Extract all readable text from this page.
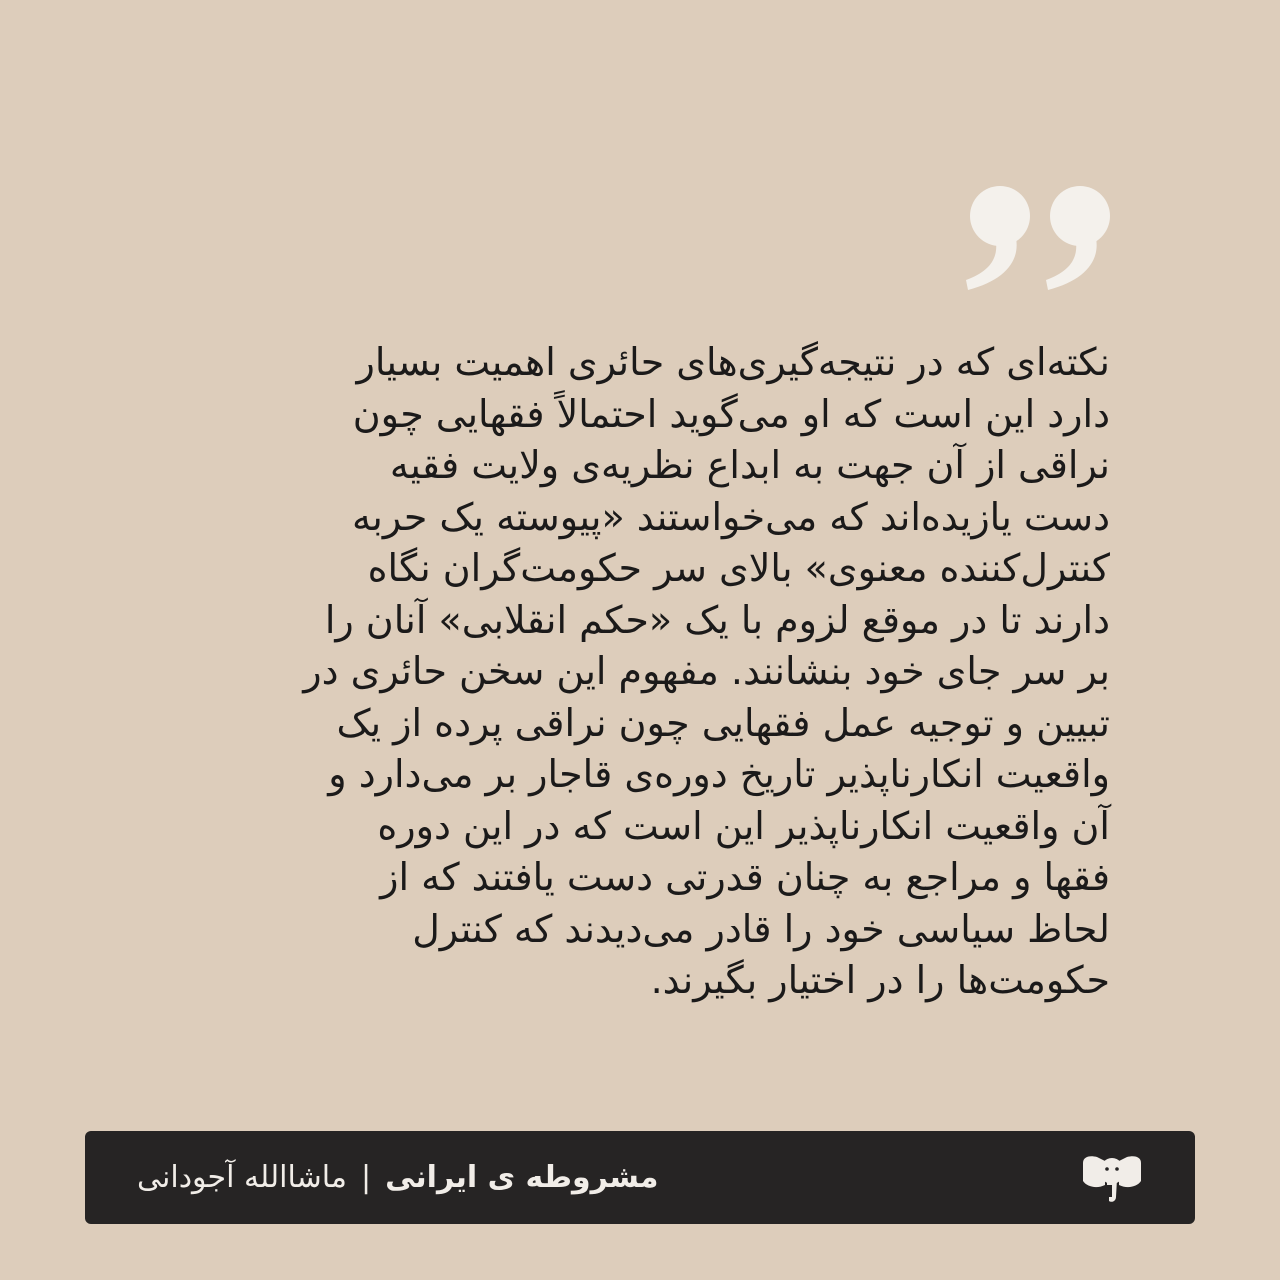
نکته‌ای که در نتیجه‌گیری‌های حائری اهمیت بسیار
دارد این است که او می‌گوید احتمالاً فقهایی چون
نراقی از آن جهت به ابداع نظریه‌ی ولایت فقیه
دست یازیده‌اند که می‌خواستند «پیوسته یک حربه
کنترل‌کننده معنوی» بالای سر حکومت‌گران نگاه
دارند تا در موقع لزوم با یک «حکم انقلابی» آنان را
بر سر جای خود بنشانند. مفهوم این سخن حائری در
تبیین و توجیه عمل فقهایی چون نراقی پرده از یک
واقعیت انکارناپذیر تاریخ دوره‌ی قاجار بر می‌دارد و
آن واقعیت انکارناپذیر این است که در این دوره
فقها و مراجع به چنان قدرتی دست یافتند که از
لحاظ سیاسی خود را قادر می‌دیدند که کنترل
حکومت‌ها را در اختیار بگیرند.
مشروطه ی ایرانی
|
ماشاالله آجودانی
